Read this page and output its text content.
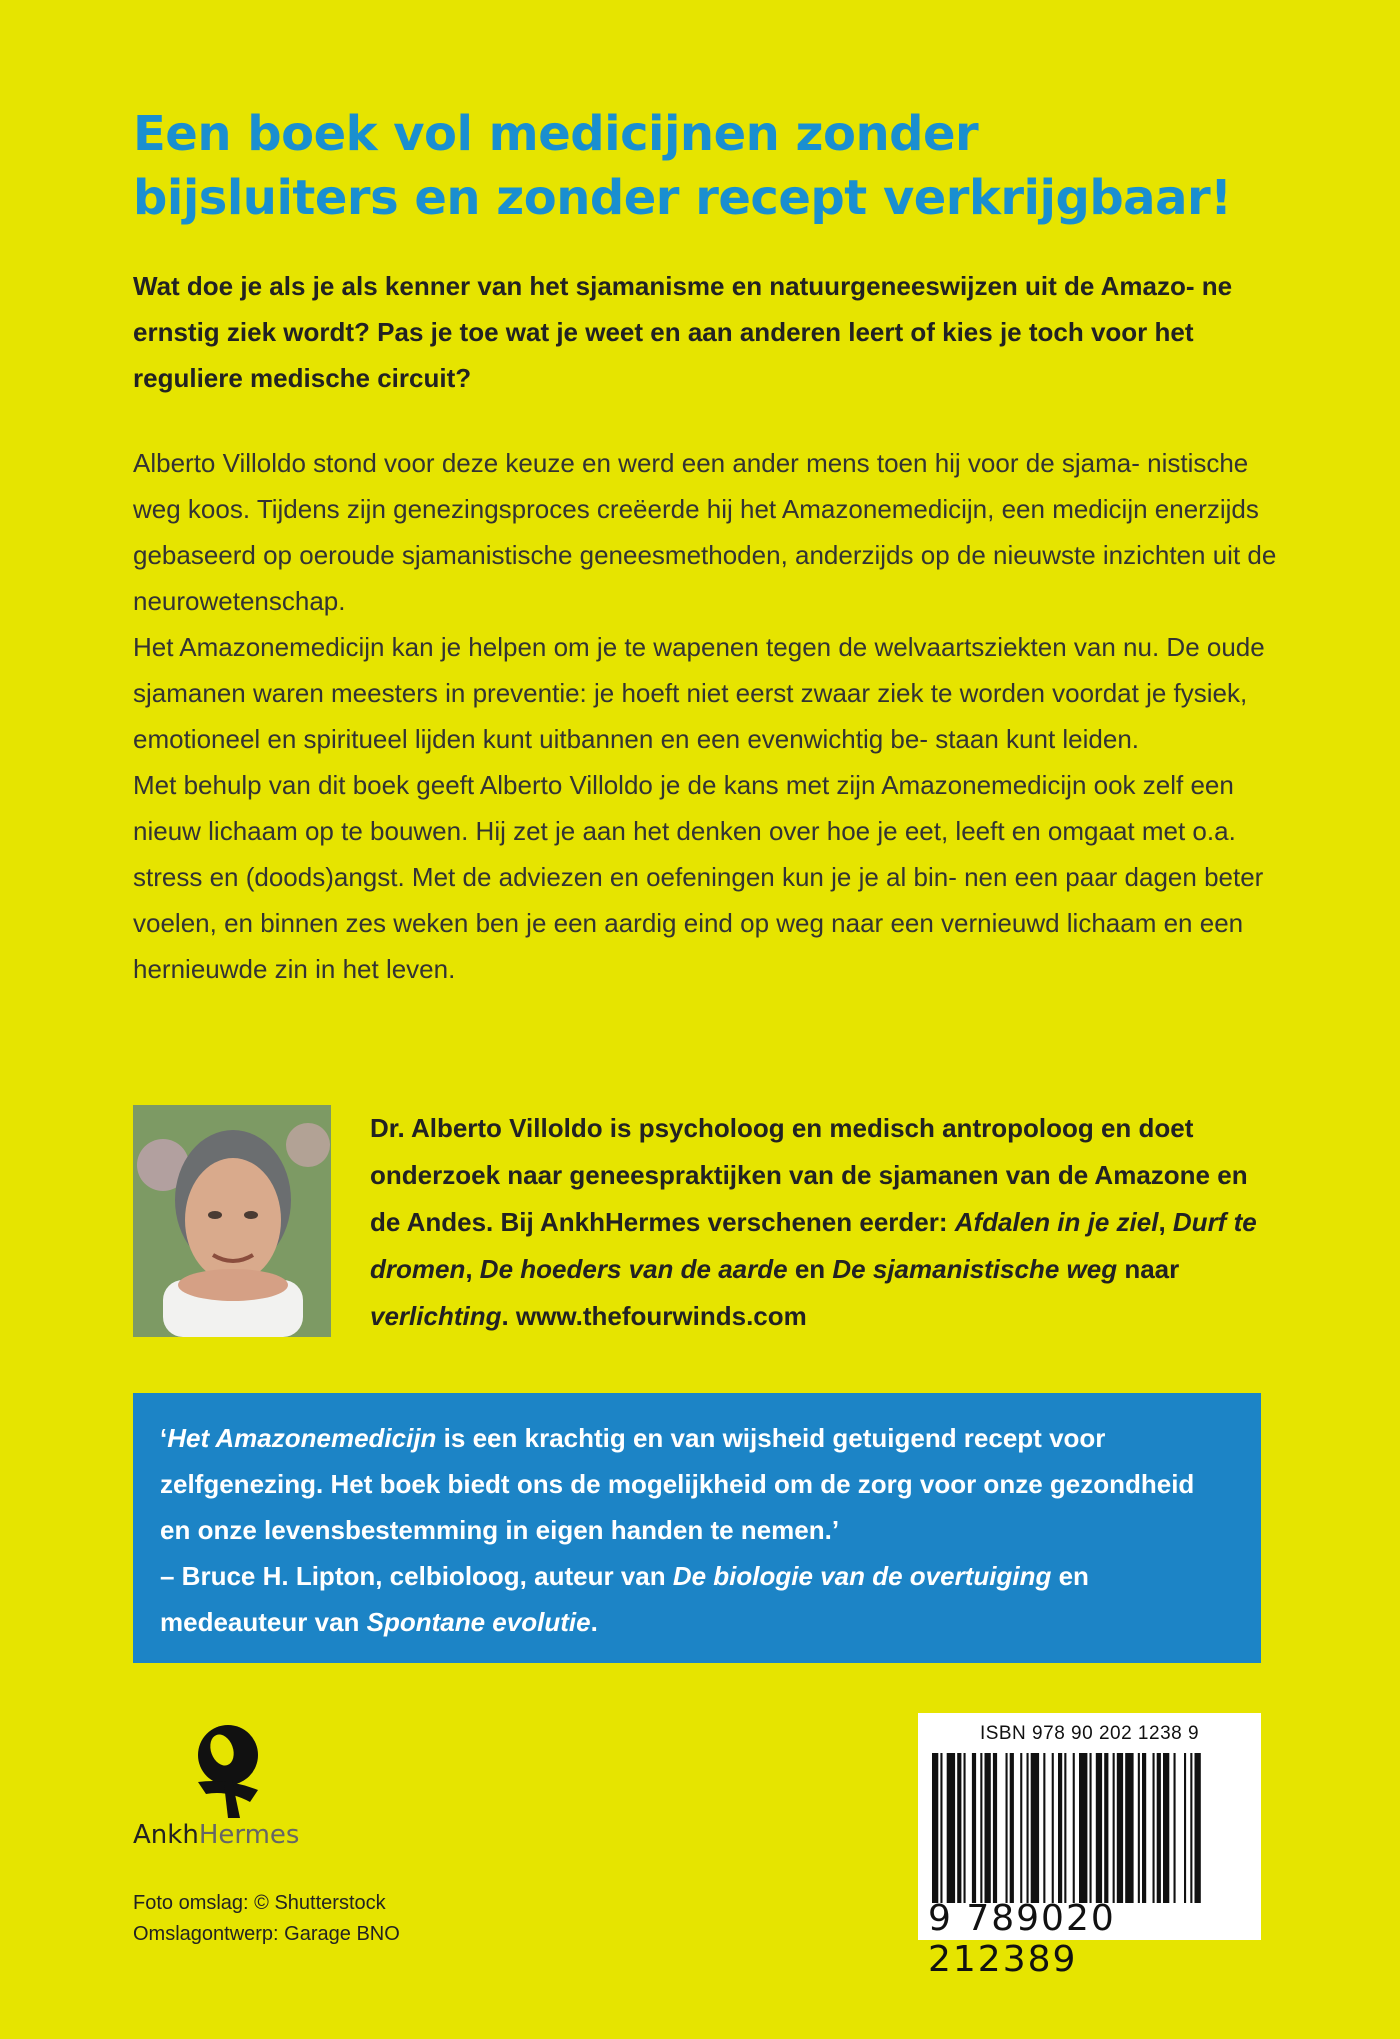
Een boek vol medicijnen zonder
bijsluiters en zonder recept verkrijgbaar!

Wat doe je als je als kenner van het sjamanisme en natuurgeneeswijzen uit de Amazo- ne ernstig ziek wordt? Pas je toe wat je weet en aan anderen leert of kies je toch voor het reguliere medische circuit?

Alberto Villoldo stond voor deze keuze en werd een ander mens toen hij voor de sjama- nistische weg koos. Tijdens zijn genezingsproces creëerde hij het Amazonemedicijn, een medicijn enerzijds gebaseerd op oeroude sjamanistische geneesmethoden, anderzijds op de nieuwste inzichten uit de neurowetenschap.

Het Amazonemedicijn kan je helpen om je te wapenen tegen de welvaartsziekten van nu. De oude sjamanen waren meesters in preventie: je hoeft niet eerst zwaar ziek te worden voordat je fysiek, emotioneel en spiritueel lijden kunt uitbannen en een evenwichtig be- staan kunt leiden.

Met behulp van dit boek geeft Alberto Villoldo je de kans met zijn Amazonemedicijn ook zelf een nieuw lichaam op te bouwen. Hij zet je aan het denken over hoe je eet, leeft en omgaat met o.a. stress en (doods)angst. Met de adviezen en oefeningen kun je je al bin- nen een paar dagen beter voelen, en binnen zes weken ben je een aardig eind op weg naar een vernieuwd lichaam en een hernieuwde zin in het leven.

Dr. Alberto Villoldo is psycholoog en medisch antropoloog en doet onderzoek naar geneespraktijken van de sjamanen van de Amazone en de Andes. Bij AnkhHermes verschenen eerder: Afdalen in je ziel, Durf te dromen, De hoeders van de aarde en De sjamanistische weg naar verlichting. www.thefourwinds.com

‘Het Amazonemedicijn is een krachtig en van wijsheid getuigend recept voor zelfgenezing. Het boek biedt ons de mogelijkheid om de zorg voor onze gezondheid en onze levensbestemming in eigen handen te nemen.’
– Bruce H. Lipton, celbioloog, auteur van De biologie van de overtuiging en medeauteur van Spontane evolutie.
AnkhHermes
Foto omslag: © Shutterstock
Omslagontwerp: Garage BNO
ISBN 978 90 202 1238 9
9 789020 212389
